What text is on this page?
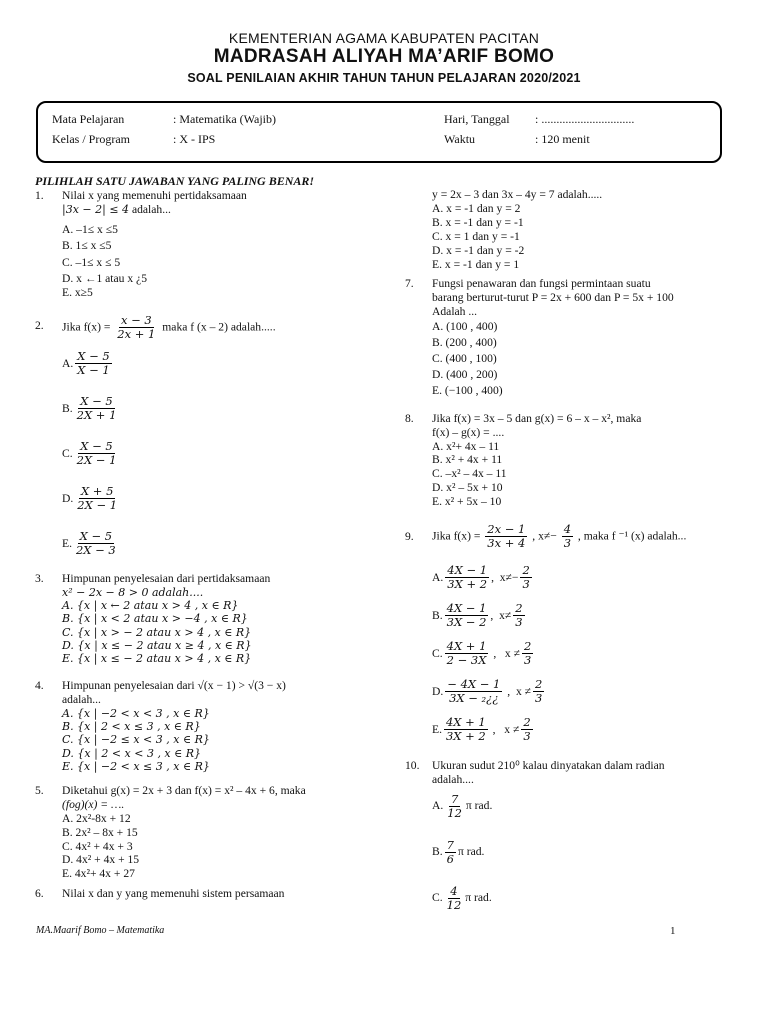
KEMENTERIAN AGAMA KABUPATEN PACITAN
MADRASAH ALIYAH MA’ARIF BOMO
SOAL PENILAIAN AKHIR TAHUN TAHUN PELAJARAN 2020/2021
Mata Pelajaran	: Matematika (Wajib)	Hari, Tanggal : ...............................
Kelas / Program	: X - IPS	Waktu	: 120 menit
PILIHLAH SATU JAWABAN YANG PALING BENAR!
1. Nilai x yang memenuhi pertidaksamaan
|3x − 2| ≤ 4 adalah...
A. –1≤ x ≤5
B. 1≤ x ≤5
C. –1≤ x ≤ 5
D. x ←1 atau x ¿5
E. x≥5
2. Jika $f(x) = \frac{x - 3}{2x + 1}$ maka f (x – 2) adalah.....
A. $\frac{X - 5}{X - 1}$
B. $\frac{X - 5}{2X + 1}$
C. $\frac{X - 5}{2X - 1}$
D. $\frac{X + 5}{2X - 1}$
E. $\frac{X - 5}{2X - 3}$
3. Himpunan penyelesaian dari pertidaksamaan
x² − 2x − 8 > 0 adalah....
A. {x | x ← 2 atau x > 4 , x ∈ R}
B. {x | x < 2 atau x > −4 , x ∈ R}
C. {x | x > − 2 atau x > 4 , x ∈ R}
D. {x | x ≤ − 2 atau x ≥ 4 , x ∈ R}
E. {x | x ≤ − 2 atau x > 4 , x ∈ R}
4. Himpunan penyelesaian dari √(x − 1) > √(3 − x)
adalah...
A. {x | −2 < x < 3 , x ∈ R}
B. {x | 2 < x ≤ 3 , x ∈ R}
C. {x | −2 ≤ x < 3 , x ∈ R}
D. {x | 2 < x < 3 , x ∈ R}
E. {x | −2 < x ≤ 3 , x ∈ R}
5. Diketahui g(x) = 2x + 3 dan f(x) = x² – 4x + 6, maka
(fog)(x) = ….
A. 2x²-8x + 12
B. 2x² – 8x + 15
C. 4x² + 4x + 3
D. 4x² + 4x + 15
E. 4x²+ 4x + 27
6. Nilai x dan y yang memenuhi sistem persamaan
y = 2x – 3 dan 3x – 4y = 7 adalah.....
A. x = -1 dan y = 2
B. x = -1 dan y = -1
C. x = 1 dan y = -1
D. x = -1 dan y = -2
E. x = -1 dan y = 1
7. Fungsi penawaran dan fungsi permintaan suatu
barang berturut-turut P = 2x + 600 dan P = 5x + 100
Adalah ...
A. (100 , 400)
B. (200 , 400)
C. (400 , 100)
D. (400 , 200)
E. (−100 , 400)
8. Jika f(x) = 3x – 5 dan g(x) = 6 – x – x², maka
f(x) – g(x) = ....
A. x²+ 4x – 11
B. x² + 4x + 11
C. –x² – 4x – 11
D. x² – 5x + 10
E. x² + 5x – 10
9. Jika $f(x) = \frac{2x - 1}{3x + 4}$ , $x\ne- \frac{4}{3}$ , maka f ⁻¹ (x) adalah...
A. $\frac{4X - 1}{3X + 2}$ ,  $x\ne- \frac{2}{3}$
B. $\frac{4X - 1}{3X - 2}$ ,  $x\ne \frac{2}{3}$
C. $\frac{4X + 1}{2 - 3X}$ ,   $x \ne \frac{2}{3}$
D. $\frac{- 4X - 1}{\text{3X − ₂¿¿}}$ ,  $x \ne \frac{2}{3}$
E. $\frac{4X + 1}{3X + 2}$ ,   $x \ne \frac{2}{3}$
10. Ukuran sudut 210⁰ kalau dinyatakan dalam radian
adalah....
A. $\frac{7}{12}$ π rad.
B. $\frac{7}{6}$ π rad.
C. $\frac{4}{12}$ π rad.
MA.Maarif Bomo – Matematika	1
